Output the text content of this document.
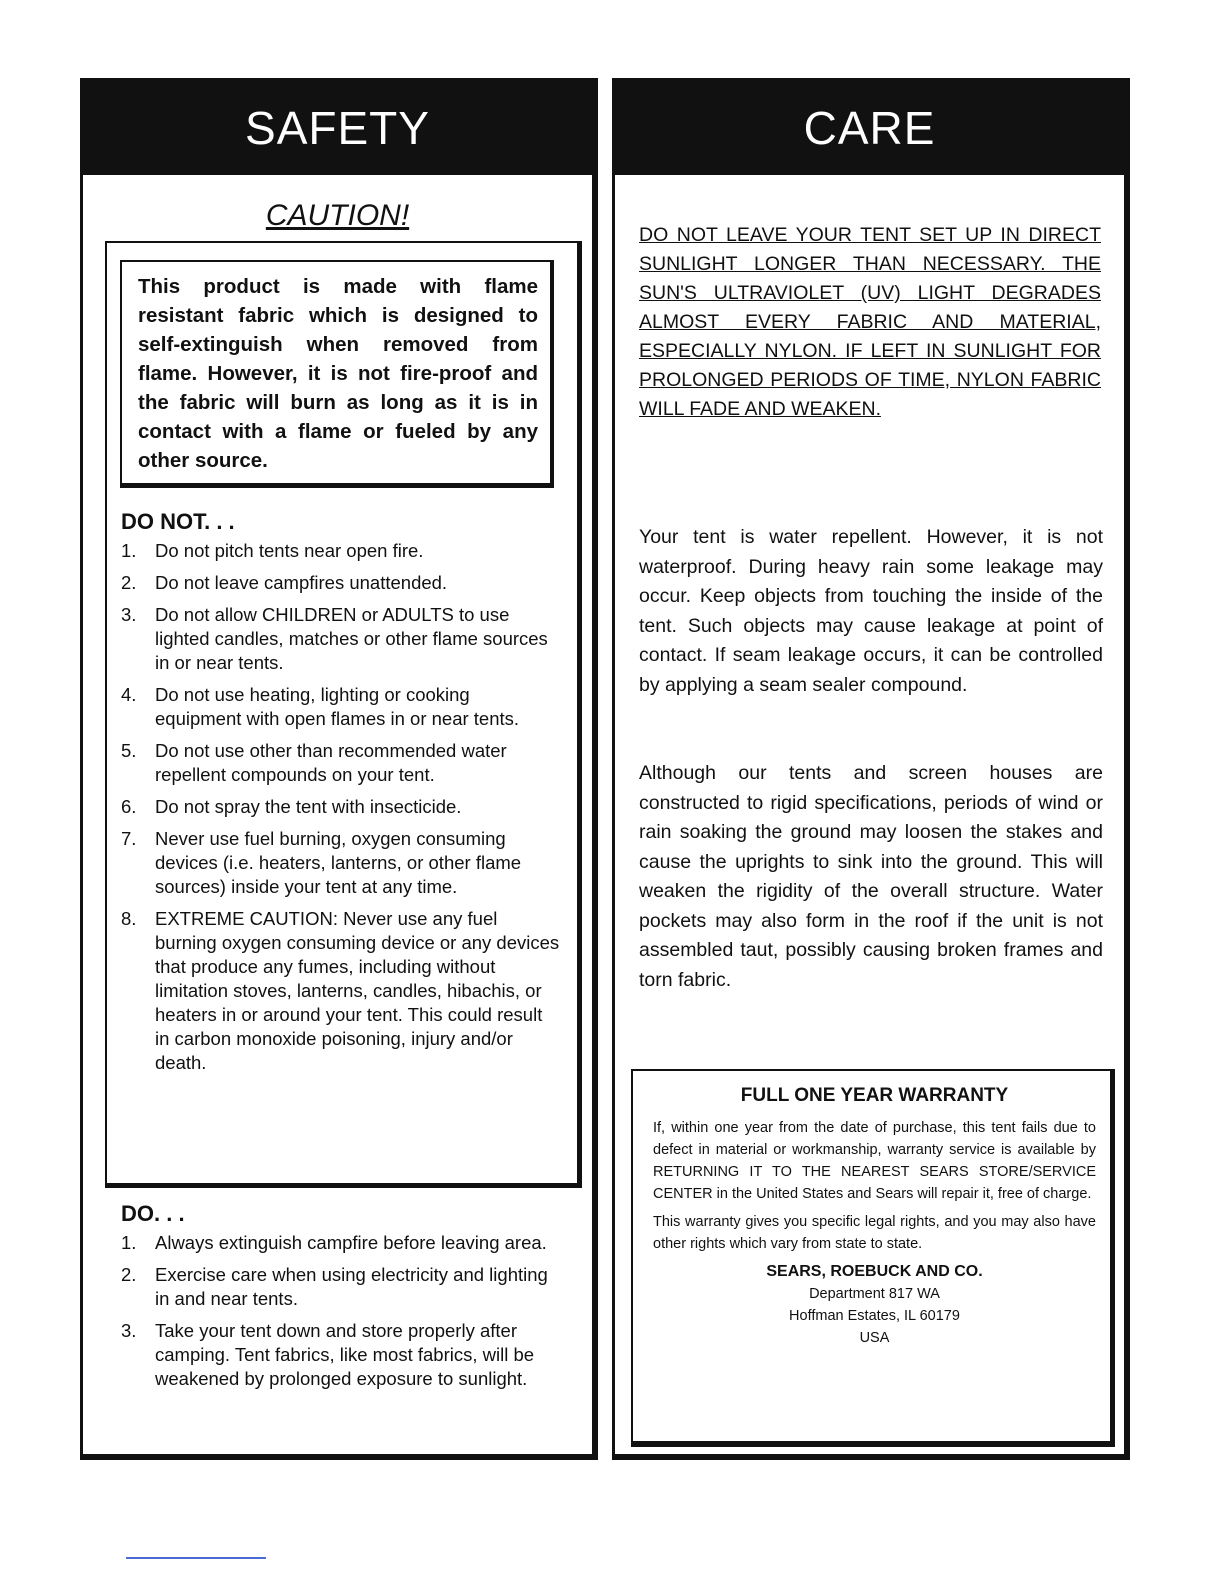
SAFETY
CAUTION!
This product is made with flame resistant fabric which is designed to self-extinguish when removed from flame. However, it is not fire-proof and the fabric will burn as long as it is in contact with a flame or fueled by any other source.
DO NOT. . .
1.	Do not pitch tents near open fire.
2.	Do not leave campfires unattended.
3.	Do not allow CHILDREN or ADULTS to use lighted candles, matches or other flame sources in or near tents.
4.	Do not use heating, lighting or cooking equipment with open flames in or near tents.
5.	Do not use other than recommended water repellent compounds on your tent.
6.	Do not spray the tent with insecticide.
7.	Never use fuel burning, oxygen consuming devices (i.e. heaters, lanterns, or other flame sources) inside your tent at any time.
8.	EXTREME CAUTION: Never use any fuel burning oxygen consuming device or any devices that produce any fumes, including without limitation stoves, lanterns, candles, hibachis, or heaters in or around your tent. This could result in carbon monoxide poisoning, injury and/or death.
DO. . .
1.	Always extinguish campfire before leaving area.
2.	Exercise care when using electricity and lighting in and near tents.
3.	Take your tent down and store properly after camping. Tent fabrics, like most fabrics, will be weakened by prolonged exposure to sunlight.
CARE
DO NOT LEAVE YOUR TENT SET UP IN DIRECT SUNLIGHT LONGER THAN NECESSARY. THE SUN'S ULTRAVIOLET (UV) LIGHT DEGRADES ALMOST EVERY FABRIC AND MATERIAL, ESPECIALLY NYLON. IF LEFT IN SUNLIGHT FOR PROLONGED PERIODS OF TIME, NYLON FABRIC WILL FADE AND WEAKEN.

Your tent is water repellent. However, it is not waterproof. During heavy rain some leakage may occur. Keep objects from touching the inside of the tent. Such objects may cause leakage at point of contact. If seam leakage occurs, it can be controlled by applying a seam sealer compound.

Although our tents and screen houses are constructed to rigid specifications, periods of wind or rain soaking the ground may loosen the stakes and cause the uprights to sink into the ground. This will weaken the rigidity of the overall structure. Water pockets may also form in the roof if the unit is not assembled taut, possibly causing broken frames and torn fabric.

FULL ONE YEAR WARRANTY

If, within one year from the date of purchase, this tent fails due to defect in material or workmanship, warranty service is available by RETURNING IT TO THE NEAREST SEARS STORE/SERVICE CENTER in the United States and Sears will repair it, free of charge.

This warranty gives you specific legal rights, and you may also have other rights which vary from state to state.

SEARS, ROEBUCK AND CO.
Department 817 WA
Hoffman Estates, IL 60179
USA
